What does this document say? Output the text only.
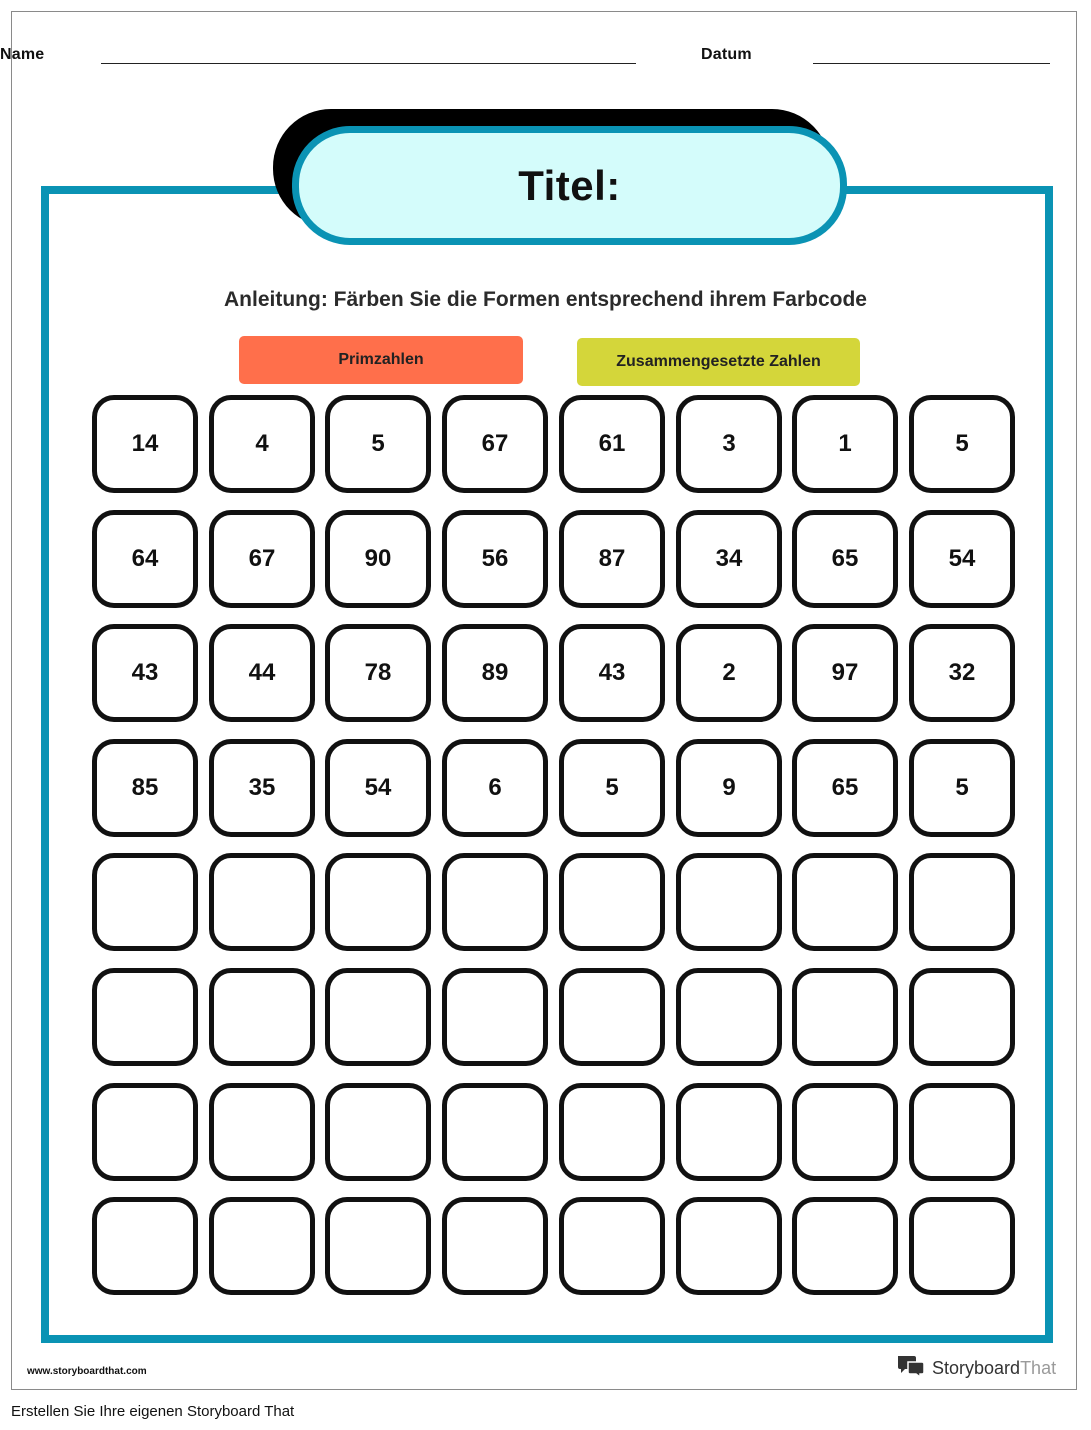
Name	Datum
Titel:
Anleitung: Färben Sie die Formen entsprechend ihrem Farbcode
Primzahlen	Zusammengesetzte Zahlen
14	4	5	67	61	3	1	5
64	67	90	56	87	34	65	54
43	44	78	89	43	2	97	32
85	35	54	6	5	9	65	5
www.storyboardthat.com	StoryboardThat
Erstellen Sie Ihre eigenen Storyboard That
